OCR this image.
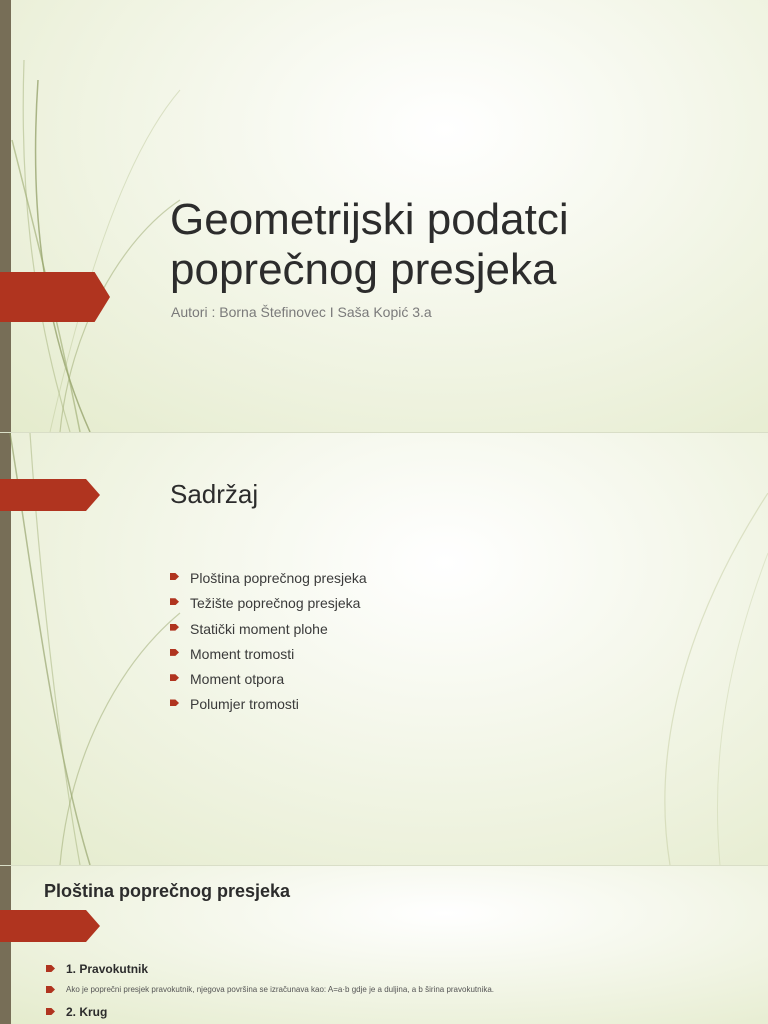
Geometrijski podatci
poprečnog presjeka
Autori : Borna Štefinovec I Saša Kopić 3.a
Sadržaj
Ploština poprečnog presjeka
Težište poprečnog presjeka
Statički moment plohe
Moment tromosti
Moment otpora
Polumjer tromosti
Ploština poprečnog presjeka
1. Pravokutnik
Ako je poprečni presjek pravokutnik, njegova površina se izračunava kao: A=a·b gdje je a duljina, a b širina pravokutnika.
2. Krug
